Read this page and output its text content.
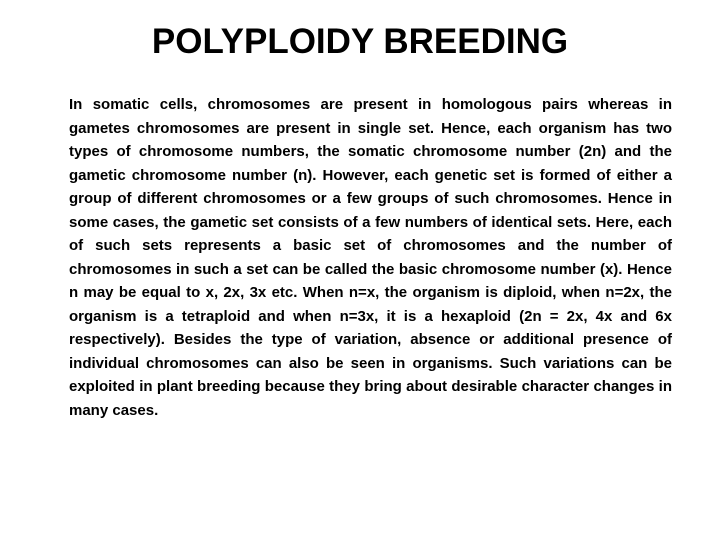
POLYPLOIDY BREEDING

In somatic cells, chromosomes are present in homologous pairs whereas in gametes chromosomes are present in single set. Hence, each organism has two types of chromosome numbers, the somatic chromosome number (2n) and the gametic chromosome number (n). However, each genetic set is formed of either a group of different chromosomes or a few groups of such chromosomes. Hence in some cases, the gametic set consists of a few numbers of identical sets. Here, each of such sets represents a basic set of chromosomes and the number of chromosomes in such a set can be called the basic chromosome number (x). Hence n may be equal to x, 2x, 3x etc. When n=x, the organism is diploid, when n=2x, the organism is a tetraploid and when n=3x, it is a hexaploid (2n = 2x, 4x and 6x respectively). Besides the type of variation, absence or additional presence of individual chromosomes can also be seen in organisms. Such variations can be exploited in plant breeding because they bring about desirable character changes in many cases.
